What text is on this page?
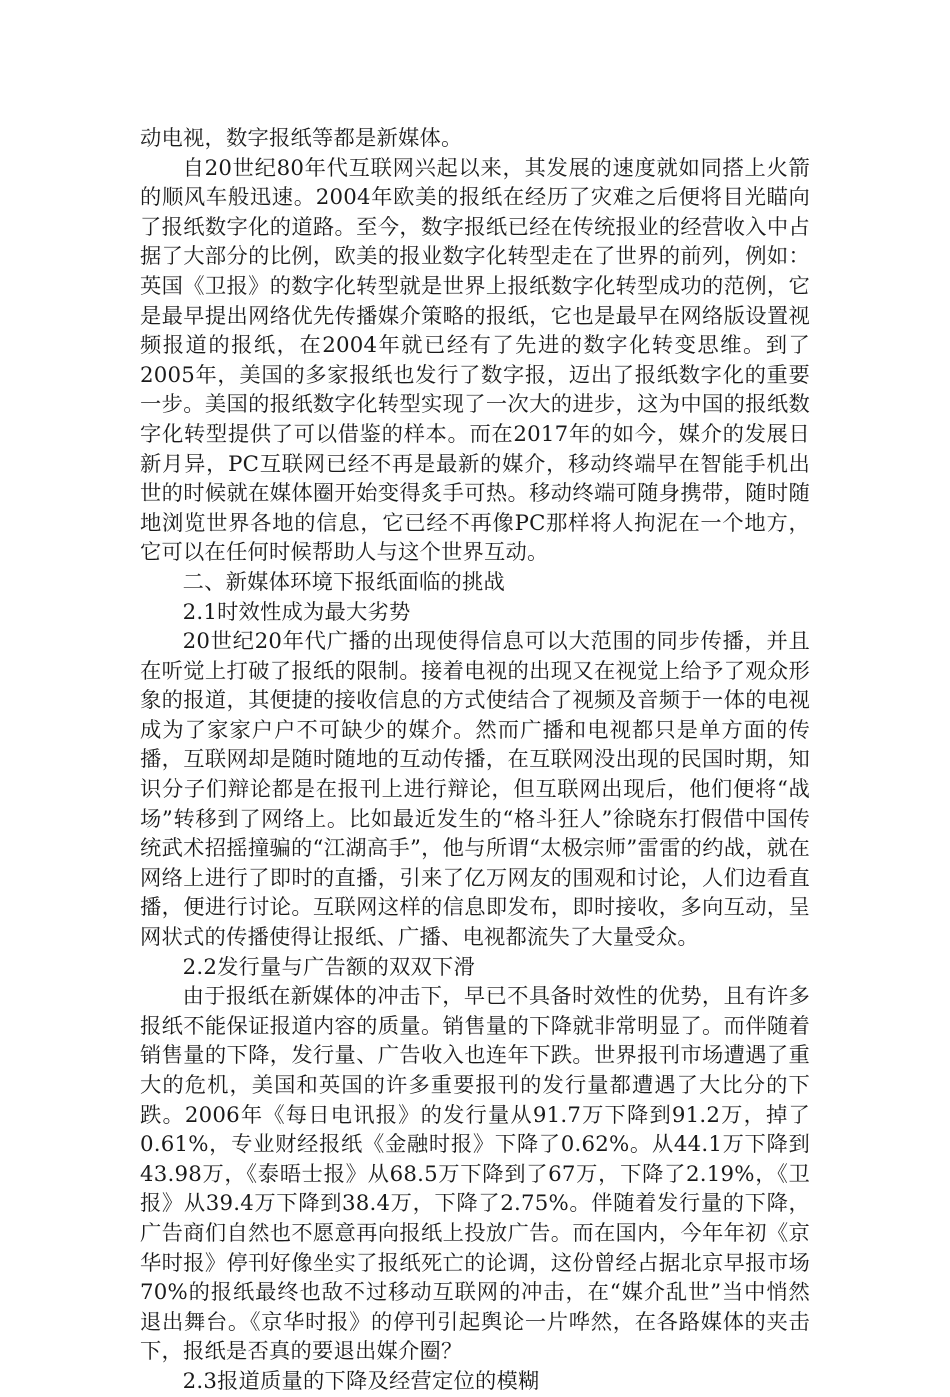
动电视，数字报纸等都是新媒体。

自20世纪80年代互联网兴起以来，其发展的速度就如同搭上火箭的顺风车般迅速。2004年欧美的报纸在经历了灾难之后便将目光瞄向了报纸数字化的道路。至今，数字报纸已经在传统报业的经营收入中占据了大部分的比例，欧美的报业数字化转型走在了世界的前列，例如：英国《卫报》的数字化转型就是世界上报纸数字化转型成功的范例，它是最早提出网络优先传播媒介策略的报纸，它也是最早在网络版设置视频报道的报纸，在2004年就已经有了先进的数字化转变思维。到了2005年，美国的多家报纸也发行了数字报，迈出了报纸数字化的重要一步。美国的报纸数字化转型实现了一次大的进步，这为中国的报纸数字化转型提供了可以借鉴的样本。而在2017年的如今，媒介的发展日新月异，PC互联网已经不再是最新的媒介，移动终端早在智能手机出世的时候就在媒体圈开始变得炙手可热。移动终端可随身携带，随时随地浏览世界各地的信息，它已经不再像PC那样将人拘泥在一个地方，它可以在任何时候帮助人与这个世界互动。

二、新媒体环境下报纸面临的挑战

2.1时效性成为最大劣势

20世纪20年代广播的出现使得信息可以大范围的同步传播，并且在听觉上打破了报纸的限制。接着电视的出现又在视觉上给予了观众形象的报道，其便捷的接收信息的方式使结合了视频及音频于一体的电视成为了家家户户不可缺少的媒介。然而广播和电视都只是单方面的传播，互联网却是随时随地的互动传播，在互联网没出现的民国时期，知识分子们辩论都是在报刊上进行辩论，但互联网出现后，他们便将“战场”转移到了网络上。比如最近发生的“格斗狂人”徐晓东打假借中国传统武术招摇撞骗的“江湖高手”，他与所谓“太极宗师”雷雷的约战，就在网络上进行了即时的直播，引来了亿万网友的围观和讨论，人们边看直播，便进行讨论。互联网这样的信息即发布，即时接收，多向互动，呈网状式的传播使得让报纸、广播、电视都流失了大量受众。

2.2发行量与广告额的双双下滑

由于报纸在新媒体的冲击下，早已不具备时效性的优势，且有许多报纸不能保证报道内容的质量。销售量的下降就非常明显了。而伴随着销售量的下降，发行量、广告收入也连年下跌。世界报刊市场遭遇了重大的危机，美国和英国的许多重要报刊的发行量都遭遇了大比分的下跌。2006年《每日电讯报》的发行量从91.7万下降到91.2万，掉了0.61%，专业财经报纸《金融时报》下降了0.62%。从44.1万下降到43.98万，《泰晤士报》从68.5万下降到了67万，下降了2.19%，《卫报》从39.4万下降到38.4万，下降了2.75%。伴随着发行量的下降，广告商们自然也不愿意再向报纸上投放广告。而在国内，今年年初《京华时报》停刊好像坐实了报纸死亡的论调，这份曾经占据北京早报市场70%的报纸最终也敌不过移动互联网的冲击，在“媒介乱世”当中悄然退出舞台。《京华时报》的停刊引起舆论一片哗然，在各路媒体的夹击下，报纸是否真的要退出媒介圈？

2.3报道质量的下降及经营定位的模糊
